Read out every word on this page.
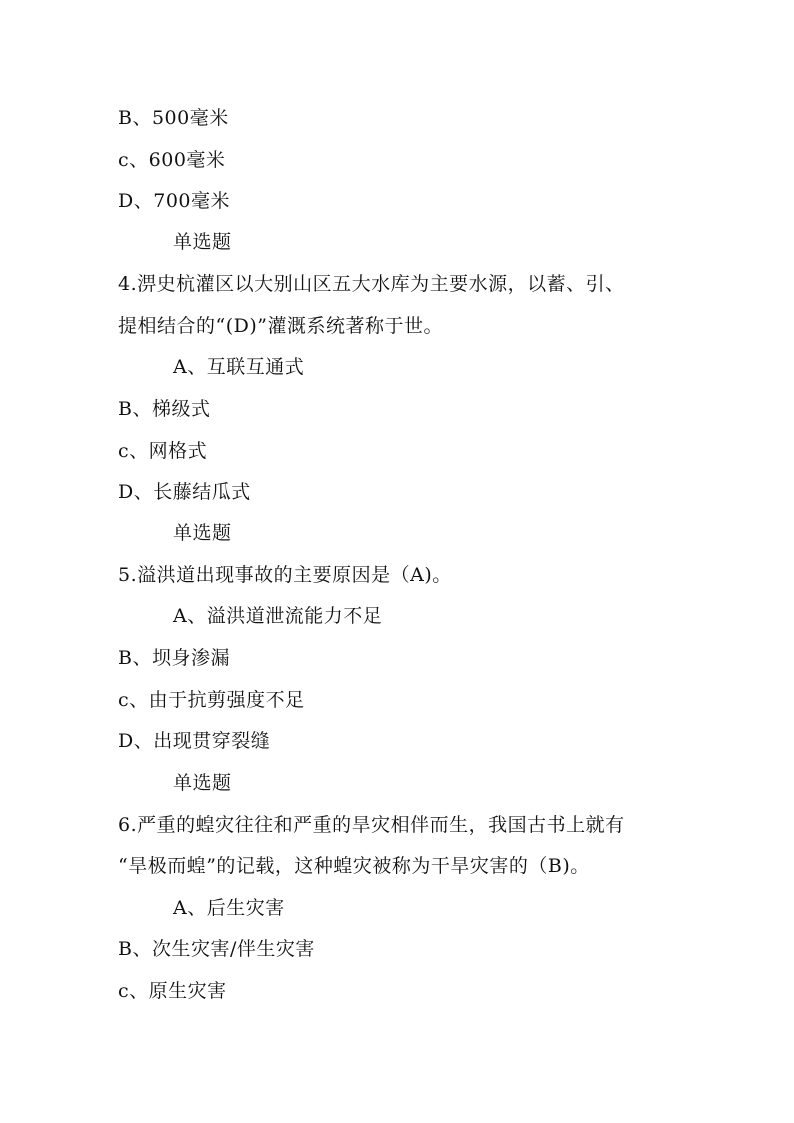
B、500毫米
c、600毫米
D、700毫米
单选题
4.淠史杭灌区以大别山区五大水库为主要水源，以蓄、引、
提相结合的“(D)”灌溉系统著称于世。
A、互联互通式
B、梯级式
c、网格式
D、长藤结瓜式
单选题
5.溢洪道出现事故的主要原因是（A)。
A、溢洪道泄流能力不足
B、坝身渗漏
c、由于抗剪强度不足
D、出现贯穿裂缝
单选题
6.严重的蝗灾往往和严重的旱灾相伴而生，我国古书上就有
“旱极而蝗”的记载，这种蝗灾被称为干旱灾害的（B)。
A、后生灾害
B、次生灾害/伴生灾害
c、原生灾害
